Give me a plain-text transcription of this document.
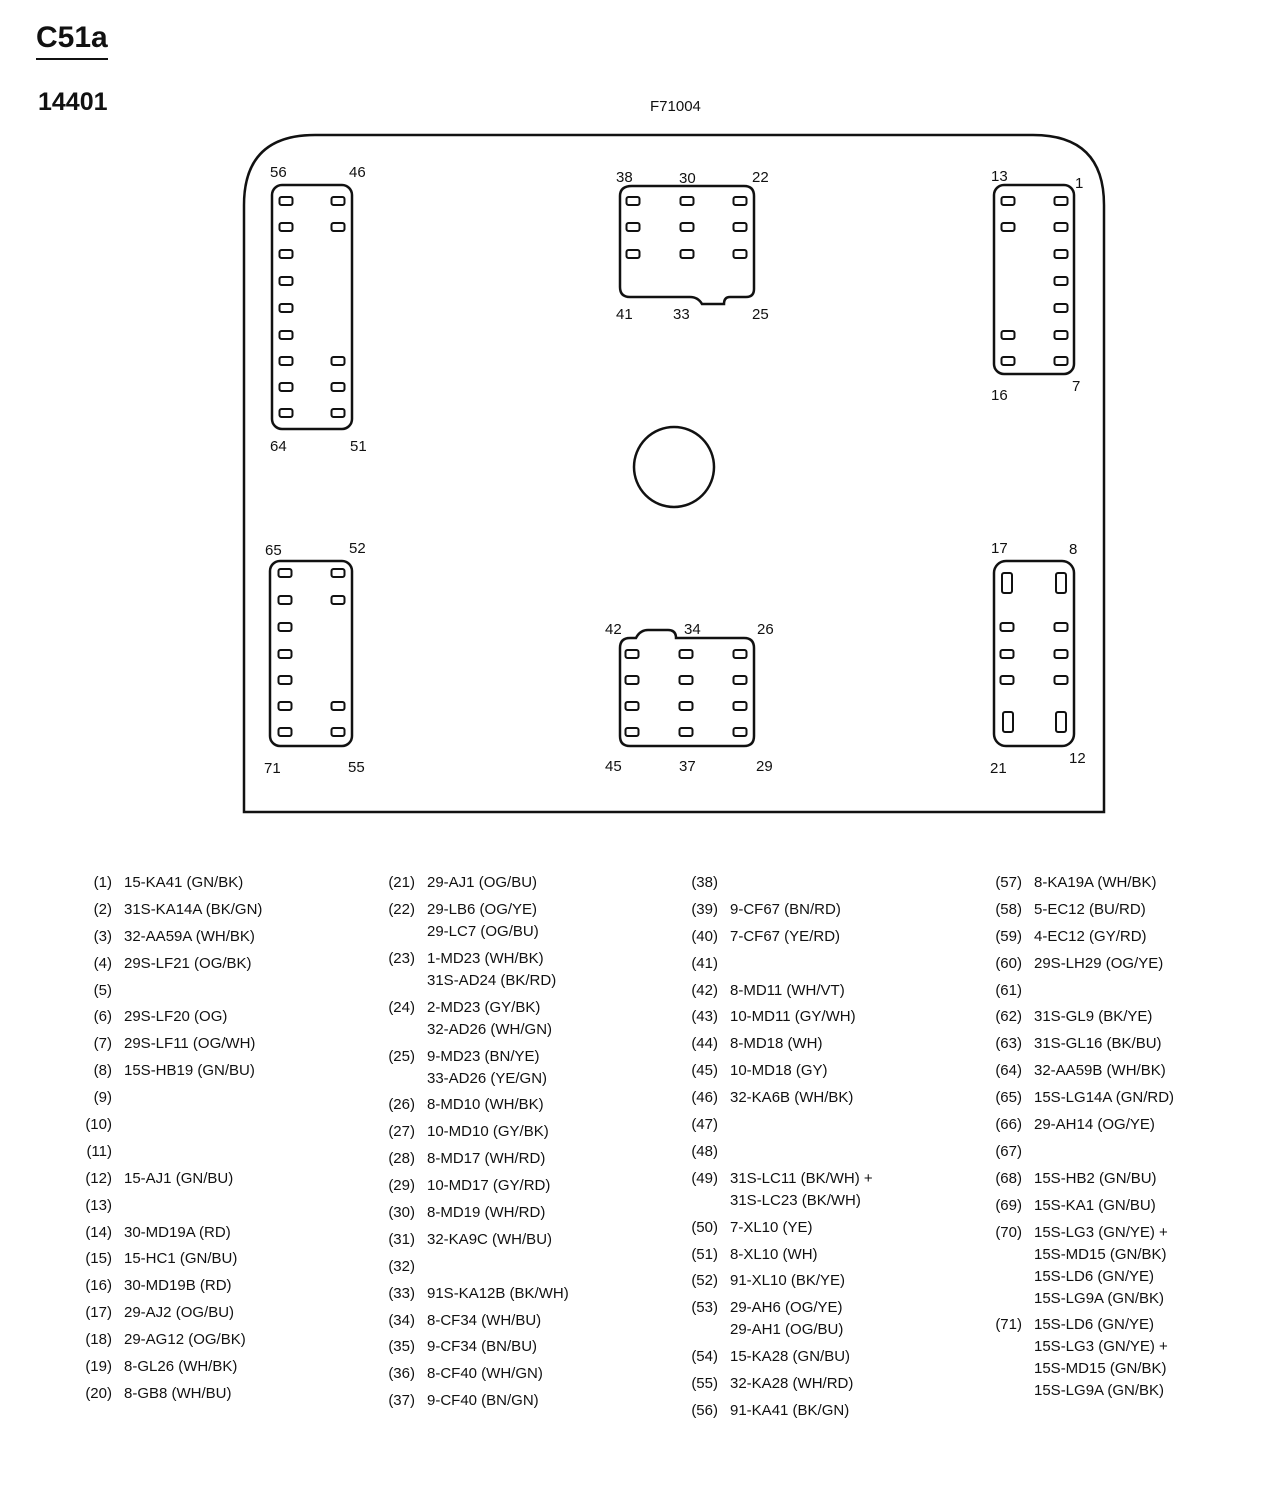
C51a
14401	F71004
56	46
64	51
38	30	22
41	33	25
13	1
16
7
65	52
71	55
42	34	26
45	37	29
17	8
21
12
(1) 15-KA41 (GN/BK)
(2) 31S-KA14A (BK/GN)
(3) 32-AA59A (WH/BK)
(4) 29S-LF21 (OG/BK)
(5)
(6) 29S-LF20 (OG)
(7) 29S-LF11 (OG/WH)
(8) 15S-HB19 (GN/BU)
(9)
(10)
(11)
(12) 15-AJ1 (GN/BU)
(13)
(14) 30-MD19A (RD)
(15) 15-HC1 (GN/BU)
(16) 30-MD19B (RD)
(17) 29-AJ2 (OG/BU)
(18) 29-AG12 (OG/BK)
(19) 8-GL26 (WH/BK)
(20) 8-GB8 (WH/BU)
(21) 29-AJ1 (OG/BU)
(22) 29-LB6 (OG/YE)
29-LC7 (OG/BU)
(23) 1-MD23 (WH/BK)
31S-AD24 (BK/RD)
(24) 2-MD23 (GY/BK)
32-AD26 (WH/GN)
(25) 9-MD23 (BN/YE)
33-AD26 (YE/GN)
(26) 8-MD10 (WH/BK)
(27) 10-MD10 (GY/BK)
(28) 8-MD17 (WH/RD)
(29) 10-MD17 (GY/RD)
(30) 8-MD19 (WH/RD)
(31) 32-KA9C (WH/BU)
(32)
(33) 91S-KA12B (BK/WH)
(34) 8-CF34 (WH/BU)
(35) 9-CF34 (BN/BU)
(36) 8-CF40 (WH/GN)
(37) 9-CF40 (BN/GN)
(38)
(39) 9-CF67 (BN/RD)
(40) 7-CF67 (YE/RD)
(41)
(42) 8-MD11 (WH/VT)
(43) 10-MD11 (GY/WH)
(44) 8-MD18 (WH)
(45) 10-MD18 (GY)
(46) 32-KA6B (WH/BK)
(47)
(48)
(49) 31S-LC11 (BK/WH) +
31S-LC23 (BK/WH)
(50) 7-XL10 (YE)
(51) 8-XL10 (WH)
(52) 91-XL10 (BK/YE)
(53) 29-AH6 (OG/YE)
29-AH1 (OG/BU)
(54) 15-KA28 (GN/BU)
(55) 32-KA28 (WH/RD)
(56) 91-KA41 (BK/GN)
(57) 8-KA19A (WH/BK)
(58) 5-EC12 (BU/RD)
(59) 4-EC12 (GY/RD)
(60) 29S-LH29 (OG/YE)
(61)
(62) 31S-GL9 (BK/YE)
(63) 31S-GL16 (BK/BU)
(64) 32-AA59B (WH/BK)
(65) 15S-LG14A (GN/RD)
(66) 29-AH14 (OG/YE)
(67)
(68) 15S-HB2 (GN/BU)
(69) 15S-KA1 (GN/BU)
(70) 15S-LG3 (GN/YE) +
15S-MD15 (GN/BK)
15S-LD6 (GN/YE)
15S-LG9A (GN/BK)
(71) 15S-LD6 (GN/YE)
15S-LG3 (GN/YE) +
15S-MD15 (GN/BK)
15S-LG9A (GN/BK)
